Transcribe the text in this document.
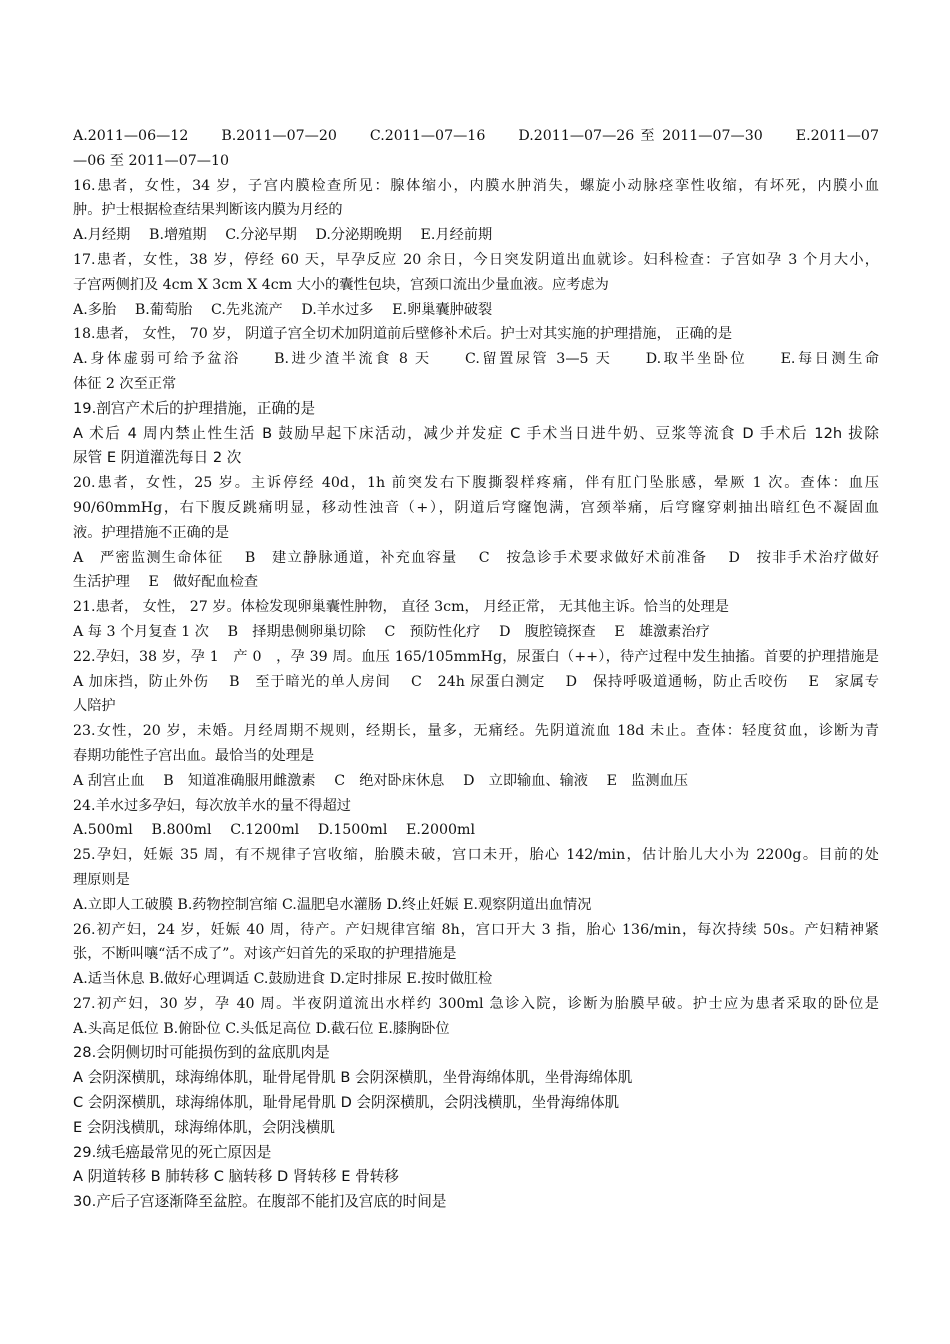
A.2011—06—12　　B.2011—07—20　　C.2011—07—16　　D.2011—07—26 至 2011—07—30　　E.2011—07
—06 至 2011—07—10
16.患者，女性，34 岁，子宫内膜检查所见：腺体缩小，内膜水肿消失，螺旋小动脉痉挛性收缩，有坏死，内膜小血
肿。护士根据检查结果判断该内膜为月经的
A.月经期　 B.增殖期　 C.分泌早期　 D.分泌期晚期　 E.月经前期
17.患者，女性，38 岁，停经 60 天，早孕反应 20 余日，今日突发阴道出血就诊。妇科检查：子宫如孕 3 个月大小，
子宫两侧扪及 4cm X 3cm X 4cm 大小的囊性包块，宫颈口流出少量血液。应考虑为
A.多胎　 B.葡萄胎　 C.先兆流产　 D.羊水过多　 E.卵巢囊肿破裂
18.患者， 女性， 70 岁， 阴道子宫全切术加阴道前后壁修补术后。护士对其实施的护理措施， 正确的是
A.身体虚弱可给予盆浴　　B.进少渣半流食 8 天　　C.留置尿管 3—5 天　　D.取半坐卧位　　E.每日测生命
体征 2 次至正常
19.剖宫产术后的护理措施，正确的是
A 术后 4 周内禁止性生活 B 鼓励早起下床活动，减少并发症 C 手术当日进牛奶、豆浆等流食 D 手术后 12h 拔除
尿管 E 阴道灌洗每日 2 次
20.患者，女性，25 岁。主诉停经 40d，1h 前突发右下腹撕裂样疼痛，伴有肛门坠胀感，晕厥 1 次。查体：血压
90/60mmHg，右下腹反跳痛明显，移动性浊音（+），阴道后穹窿饱满，宫颈举痛，后穹窿穿刺抽出暗红色不凝固血
液。护理措施不正确的是
A　严密监测生命体征　 B　建立静脉通道，补充血容量　 C　按急诊手术要求做好术前准备　 D　按非手术治疗做好
生活护理　 E　做好配血检查
21.患者， 女性， 27 岁。体检发现卵巢囊性肿物， 直径 3cm， 月经正常， 无其他主诉。恰当的处理是
A 每 3 个月复查 1 次　 B　择期患侧卵巢切除　 C　预防性化疗　 D　腹腔镜探查　 E　雄激素治疗
22.孕妇，38 岁，孕 1　产 0　，孕 39 周。血压 165/105mmHg，尿蛋白（++），待产过程中发生抽搐。首要的护理措施是
A 加床挡，防止外伤　 B　至于暗光的单人房间　 C　24h 尿蛋白测定　 D　保持呼吸道通畅，防止舌咬伤　 E　家属专
人陪护
23.女性，20 岁，未婚。月经周期不规则，经期长，量多，无痛经。先阴道流血 18d 未止。查体：轻度贫血，诊断为青
春期功能性子宫出血。最恰当的处理是
A 刮宫止血　 B　知道准确服用雌激素　 C　绝对卧床休息　 D　立即输血、输液　 E　监测血压
24.羊水过多孕妇，每次放羊水的量不得超过
A.500ml　 B.800ml　 C.1200ml　 D.1500ml　 E.2000ml
25.孕妇，妊娠 35 周，有不规律子宫收缩，胎膜未破，宫口未开，胎心 142/min，估计胎儿大小为 2200g。目前的处
理原则是
A.立即人工破膜 B.药物控制宫缩 C.温肥皂水灌肠 D.终止妊娠 E.观察阴道出血情况
26.初产妇，24 岁，妊娠 40 周，待产。产妇规律宫缩 8h，宫口开大 3 指，胎心 136/min，每次持续 50s。产妇精神紧
张，不断叫嚷“活不成了”。对该产妇首先的采取的护理措施是
A.适当休息 B.做好心理调适 C.鼓励进食 D.定时排尿 E.按时做肛检
27.初产妇，30 岁，孕 40 周。半夜阴道流出水样约 300ml 急诊入院，诊断为胎膜早破。护士应为患者采取的卧位是
A.头高足低位 B.俯卧位 C.头低足高位 D.截石位 E.膝胸卧位
28.会阴侧切时可能损伤到的盆底肌肉是
A 会阴深横肌，球海绵体肌，耻骨尾骨肌 B 会阴深横肌，坐骨海绵体肌，坐骨海绵体肌
C 会阴深横肌，球海绵体肌，耻骨尾骨肌 D 会阴深横肌，会阴浅横肌，坐骨海绵体肌
E 会阴浅横肌，球海绵体肌，会阴浅横肌
29.绒毛癌最常见的死亡原因是
A 阴道转移 B 肺转移 C 脑转移 D 肾转移 E 骨转移
30.产后子宫逐渐降至盆腔。在腹部不能扪及宫底的时间是
